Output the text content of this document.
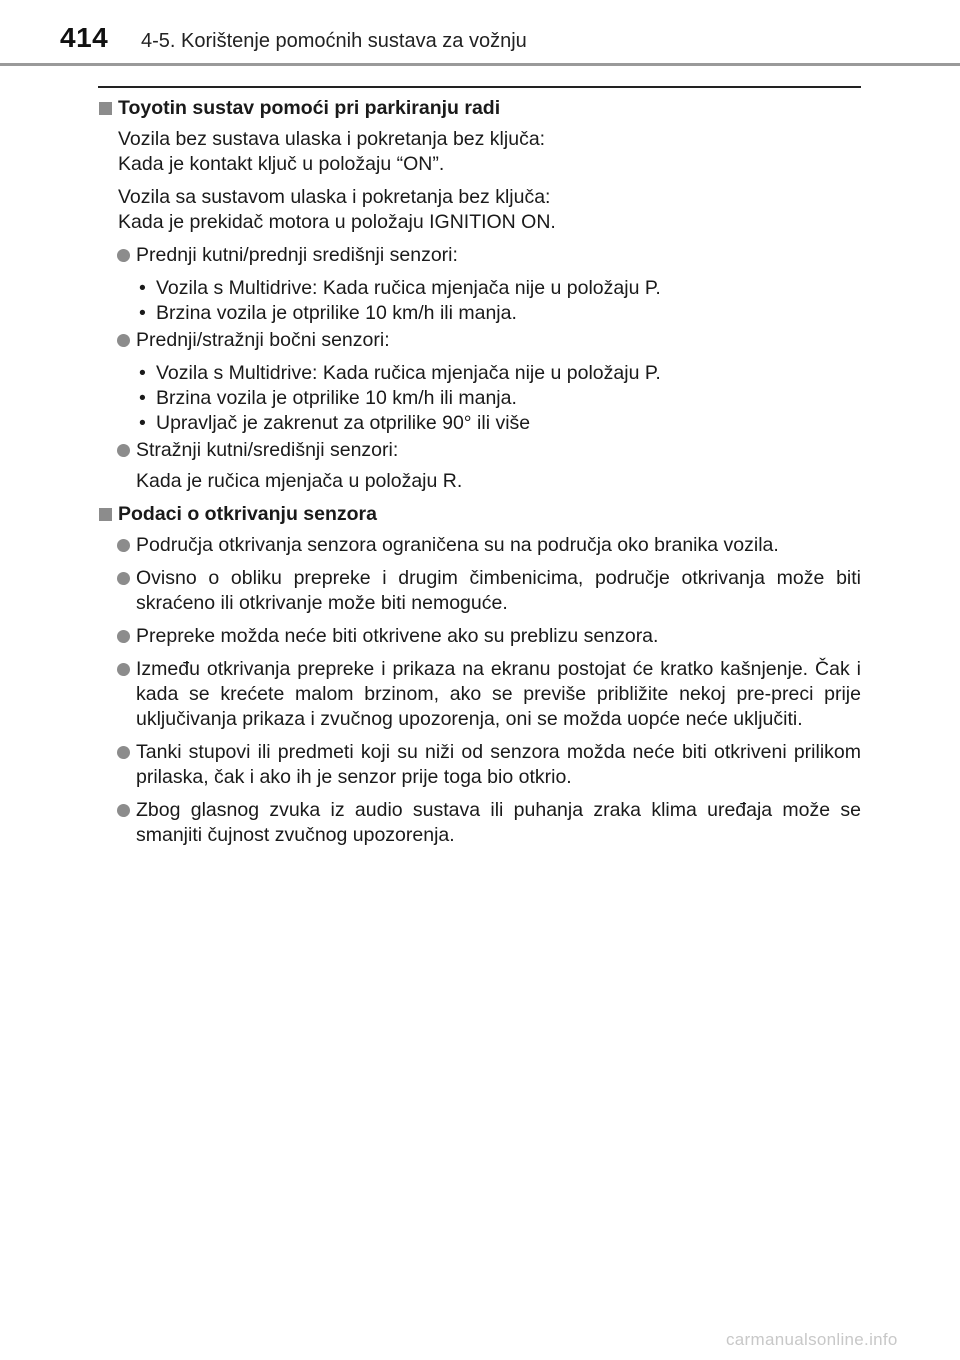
414 4-5. Korištenje pomoćnih sustava za vožnju
Toyotin sustav pomoći pri parkiranju radi
Vozila bez sustava ulaska i pokretanja bez ključa:
Kada je kontakt ključ u položaju “ON”.
Vozila sa sustavom ulaska i pokretanja bez ključa:
Kada je prekidač motora u položaju IGNITION ON.
Prednji kutni/prednji središnji senzori:
• Vozila s Multidrive: Kada ručica mjenjača nije u položaju P.
• Brzina vozila je otprilike 10 km/h ili manja.
Prednji/stražnji bočni senzori:
• Vozila s Multidrive: Kada ručica mjenjača nije u položaju P.
• Brzina vozila je otprilike 10 km/h ili manja.
• Upravljač je zakrenut za otprilike 90° ili više
Stražnji kutni/središnji senzori:
Kada je ručica mjenjača u položaju R.
Podaci o otkrivanju senzora
Područja otkrivanja senzora ograničena su na područja oko branika vozila.
Ovisno o obliku prepreke i drugim čimbenicima, područje otkrivanja može biti skraćeno ili otkrivanje može biti nemoguće.
Prepreke možda neće biti otkrivene ako su preblizu senzora.
Između otkrivanja prepreke i prikaza na ekranu postojat će kratko kašnjenje. Čak i kada se krećete malom brzinom, ako se previše približite nekoj pre-preci prije uključivanja prikaza i zvučnog upozorenja, oni se možda uopće neće uključiti.
Tanki stupovi ili predmeti koji su niži od senzora možda neće biti otkriveni prilikom prilaska, čak i ako ih je senzor prije toga bio otkrio.
Zbog glasnog zvuka iz audio sustava ili puhanja zraka klima uređaja može se smanjiti čujnost zvučnog upozorenja.
carmanualsonline.info
